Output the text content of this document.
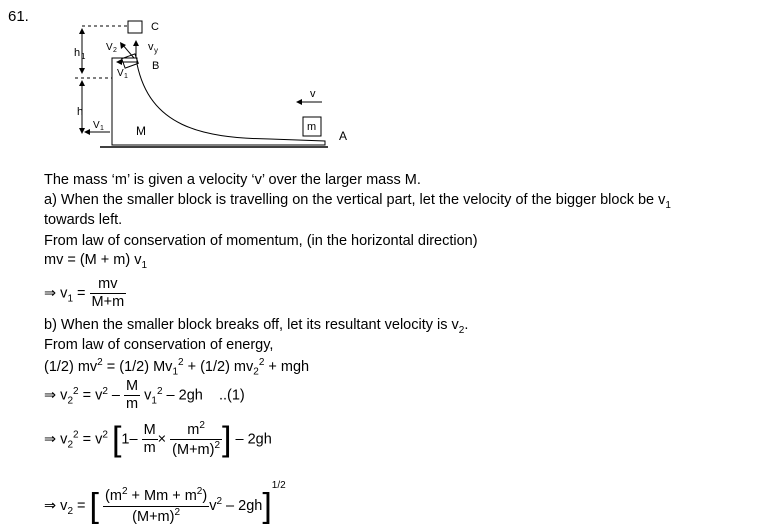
61.
C
h 1
h
B
v y
V 2
V 1
V 1	M	m
v
A
The mass ‘m’ is given a velocity ‘v’ over the larger mass M.
a) When the smaller block is travelling on the vertical part, let the velocity of the bigger block be $v_1$
towards left.
From law of conservation of momentum, (in the horizontal direction)
mv = (M + m) $v_1$
⇒ $v_1 = \frac{mv}{M+m}$
b) When the smaller block breaks off, let its resultant velocity is $v_2$.
From law of conservation of energy,
(1/2) $mv^2 = (1/2) Mv_1^2 + (1/2) mv_2^2$ + mgh
⇒ $v_2^2 = v^2 - \frac{M}{m} v_1^2 - 2gh$ ..(1)
⇒ $v_2^2 = v^2$ [$1- \frac{M}{m} \times \frac{m^2}{(M+m)^2}$ ] – 2gh
⇒ $v_2$ = [ $\frac{(m^2 + Mm + m^2)}{(M+m)^2} v^2 - 2gh]^{1/2}$
